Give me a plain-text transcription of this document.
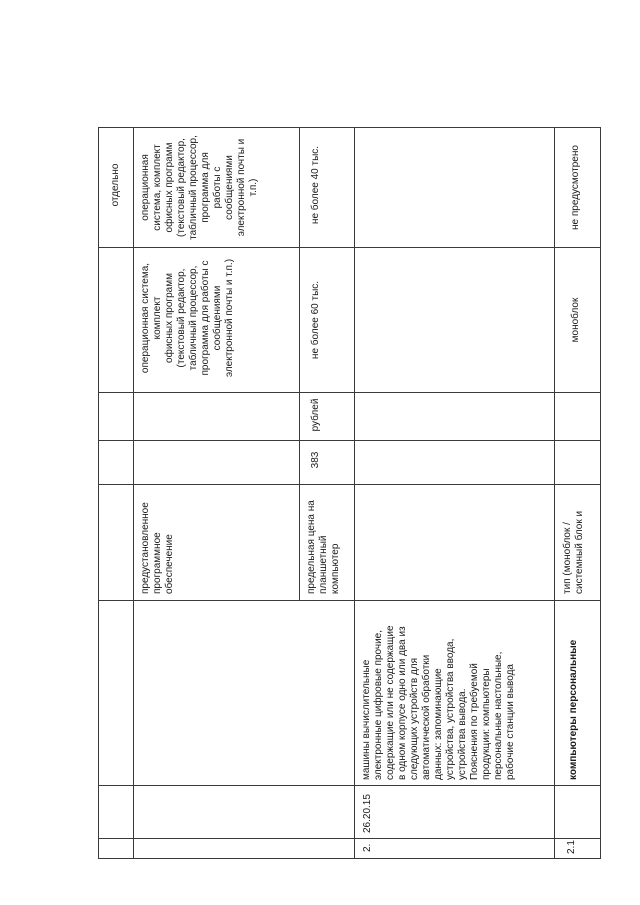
отдельно
предустановленное
программное
обеспечение
операционная система,
комплект
офисных программ
(текстовый редактор,
табличный процессор,
программа для работы с
сообщениями
электронной почты и т.п.)
операционная
система, комплект
офисных программ
(текстовый редактор,
табличный процессор,
программа для
работы с
сообщениями
электронной почты и
т.п.)
предельная цена на
планшетный
компьютер
383
рублей
не более 60 тыс.
не более 40 тыс.
2.
26.20.15
машины вычислительные
электронные цифровые прочие,
содержащие или не содержащие
в одном корпусе одно или два из
следующих устройств для
автоматической обработки
данных: запоминающие
устройства, устройства ввода,
устройства вывода.
Пояснения по требуемой
продукции: компьютеры
персональные настольные,
рабочие станции вывода
2.1
компьютеры персональные
тип (моноблок /
системный блок и
моноблок
не предусмотрено
